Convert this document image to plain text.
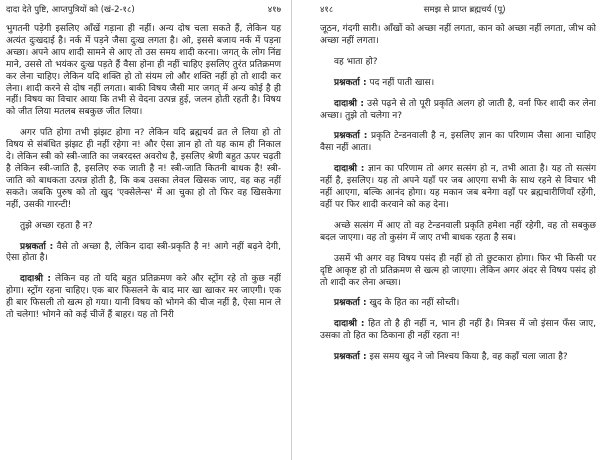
दादा देते पुष्टि, आप्तपुत्रियों को (खं-2-१८)	४१७

भुगतनी पड़ेगी इसलिए आँखें गड़ाना ही नहीं। अन्य दोष चला सकते हैं, लेकिन यह अत्यंत दुःखदाई है। नर्क में पड़ने जैसा दुःख लगता है। ओ, इससे बजाय नर्क में पड़ना अच्छा। अपने आप शादी सामने से आए तो उस समय शादी करना। जगत् के लोग निंद्य माने, उससे तो भयंकर दुःख पड़ते हैं वैसा होना ही नहीं चाहिए इसलिए तुरंत प्रतिक्रमण कर लेना चाहिए। लेकिन यदि शक्ति हो तो संयम लो और शक्ति नहीं हो तो शादी कर लेना। शादी करने से दोष नहीं लगता। बाकी विषय जैसी मार जगत् में अन्य कोई है ही नहीं। विषय का विचार आया कि तभी से वेदना उत्पन्न हुई, जलन होती रहती है। विषय को जीत लिया मतलब सबकुछ जीत लिया।

अगर पति होगा तभी झंझट होगा न? लेकिन यदि ब्रह्मचर्य व्रत ले लिया हो तो विषय से संबंधित झंझट ही नहीं रहेगा न! और ऐसा ज्ञान हो तो यह काम ही निकाल दे। लेकिन स्त्री को स्त्री-जाति का जबरदस्त अवरोध है, इसलिए श्रेणी बहुत ऊपर चढ़ती है लेकिन स्त्री-जाति है, इसलिए रुक जाती है न! स्त्री-जाति कितनी बाधक है! स्त्री-जाति को बाधकता उत्पन्न होती है, कि कब उसका लेवल खिसक जाए, वह कह नहीं सकते। जबकि पुरुष को तो खुद 'एक्सेलेन्स' में आ चुका हो तो फिर वह खिसकेगा नहीं, उसकी गारन्टी!

तुझे अच्छा रहता है न?

प्रश्नकर्ता : वैसे तो अच्छा है, लेकिन दादा स्त्री-प्रकृति है न! आगे नहीं बढ़ने देगी, ऐसा होता है।

दादाश्री : लेकिन वह तो यदि बहुत प्रतिक्रमण करे और स्ट्रोंग रहे तो कुछ नहीं होगा। स्ट्रोंग रहना चाहिए। एक बार फिसलने के बाद मार खा खाकर मर जाएगी। एक ही बार फिसली तो खत्म हो गया। यानी विषय को भोगने की चीज नहीं है, ऐसा मान ले तो चलेगा! भोगने को कई चीजें हैं बाहर। यह तो निरी

४१८	समझ से प्राप्त ब्रह्मचर्य (पू)

जूठन, गंदगी सारी। आँखों को अच्छा नहीं लगता, कान को अच्छा नहीं लगता, जीभ को अच्छा नहीं लगता।

वह भाता हो?

प्रश्नकर्ता : पद नहीं पाती खास।

दादाश्री : उसे पढ़ने से तो पूरी प्रकृति अलग हो जाती है, वर्ना फिर शादी कर लेना अच्छा। तुझे तो चलेगा न?

प्रश्नकर्ता : प्रकृति टेन्डनवाली है न, इसलिए ज्ञान का परिणाम जैसा आना चाहिए वैसा नहीं आता।

दादाश्री : ज्ञान का परिणाम तो अगर सत्संग हो न, तभी आता है। यह तो सत्संग नहीं है, इसलिए। यह तो अपने यहाँ पर जब आएगा सभी के साथ रहने से विचार भी नहीं आएगा, बल्कि आनंद होगा। यह मकान जब बनेगा वहाँ पर ब्रह्मचारीणियाँ रहेंगी, वहीं पर फिर शादी करवाने को कह देना।

अच्छे सत्संग में आए तो वह टेन्डनवाली प्रकृति हमेशा नहीं रहेगी, वह तो सबकुछ बदल जाएगा। वह तो कुसंग में जाए तभी बाधक रहता है सब।

उसमें भी अगर वह विषय पसंद ही नहीं हो तो छुटकारा होगा। फिर भी किसी पर दृष्टि आकृष्ट हो तो प्रतिक्रमण से खत्म हो जाएगा। लेकिन अगर अंदर से विषय पसंद हो तो शादी कर लेना अच्छा।

प्रश्नकर्ता : खुद के हित का नहीं सोच्ती।

दादाश्री : हित तो है ही नहीं न, भान ही नहीं है। मित्रस में जो इंसान फँस जाए, उसका तो हित का ठिकाना ही नहीं रहता न!

प्रश्नकर्ता : इस समय खुद ने जो निश्चय किया है, वह कहाँ चला जाता है?
